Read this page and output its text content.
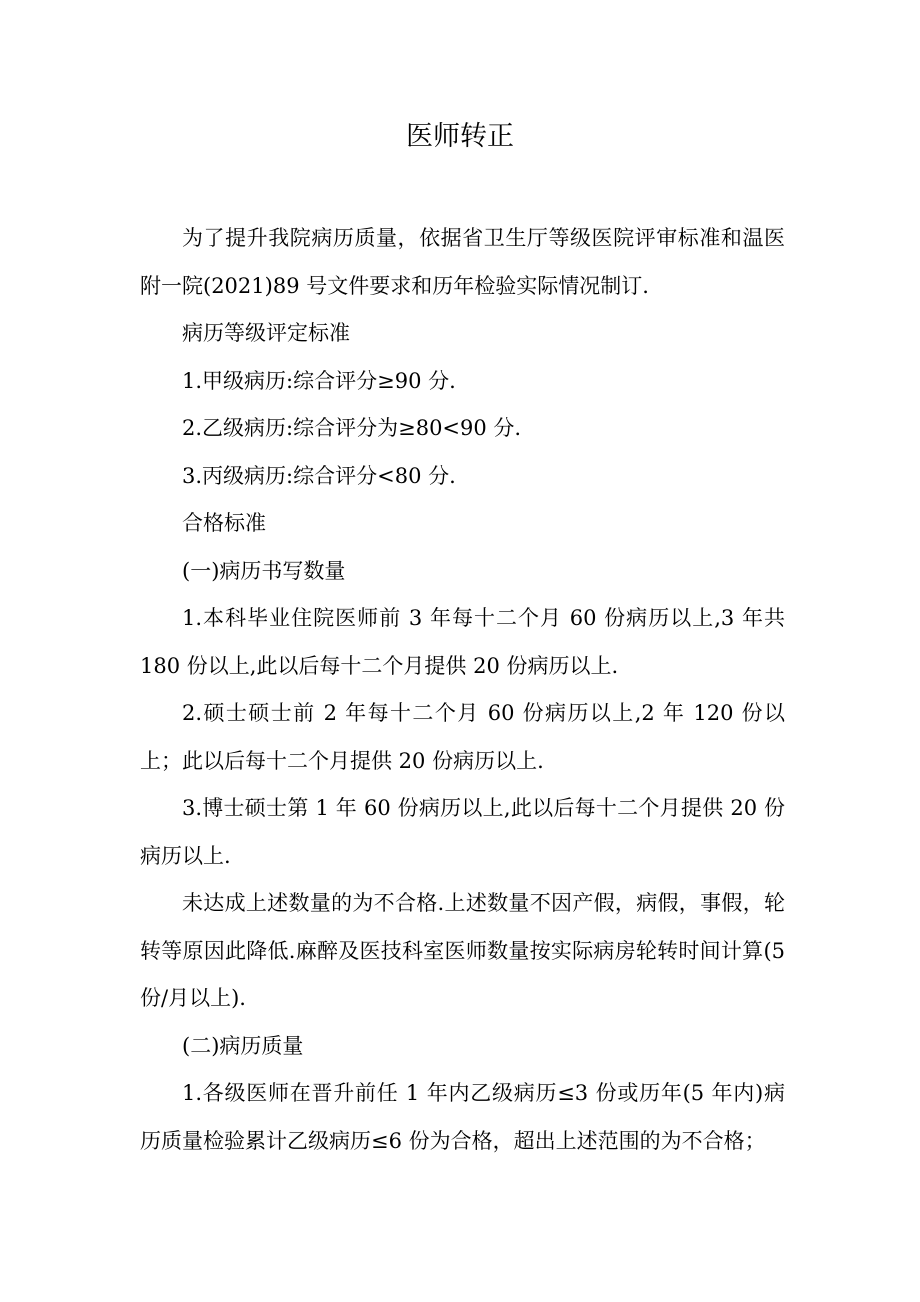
医师转正

为了提升我院病历质量，依据省卫生厅等级医院评审标准和温医附一院(2021)89 号文件要求和历年检验实际情况制订.

病历等级评定标准

1.甲级病历:综合评分≥90 分.

2.乙级病历:综合评分为≥80<90 分.

3.丙级病历:综合评分<80 分.

合格标准

(一)病历书写数量

1.本科毕业住院医师前 3 年每十二个月 60 份病历以上,3 年共 180 份以上,此以后每十二个月提供 20 份病历以上.

2.硕士硕士前 2 年每十二个月 60 份病历以上,2 年 120 份以上；此以后每十二个月提供 20 份病历以上.

3.博士硕士第 1 年 60 份病历以上,此以后每十二个月提供 20 份病历以上.

未达成上述数量的为不合格.上述数量不因产假，病假，事假，轮转等原因此降低.麻醉及医技科室医师数量按实际病房轮转时间计算(5 份/月以上).

(二)病历质量

1.各级医师在晋升前任 1 年内乙级病历≤3 份或历年(5 年内)病历质量检验累计乙级病历≤6 份为合格，超出上述范围的为不合格；
